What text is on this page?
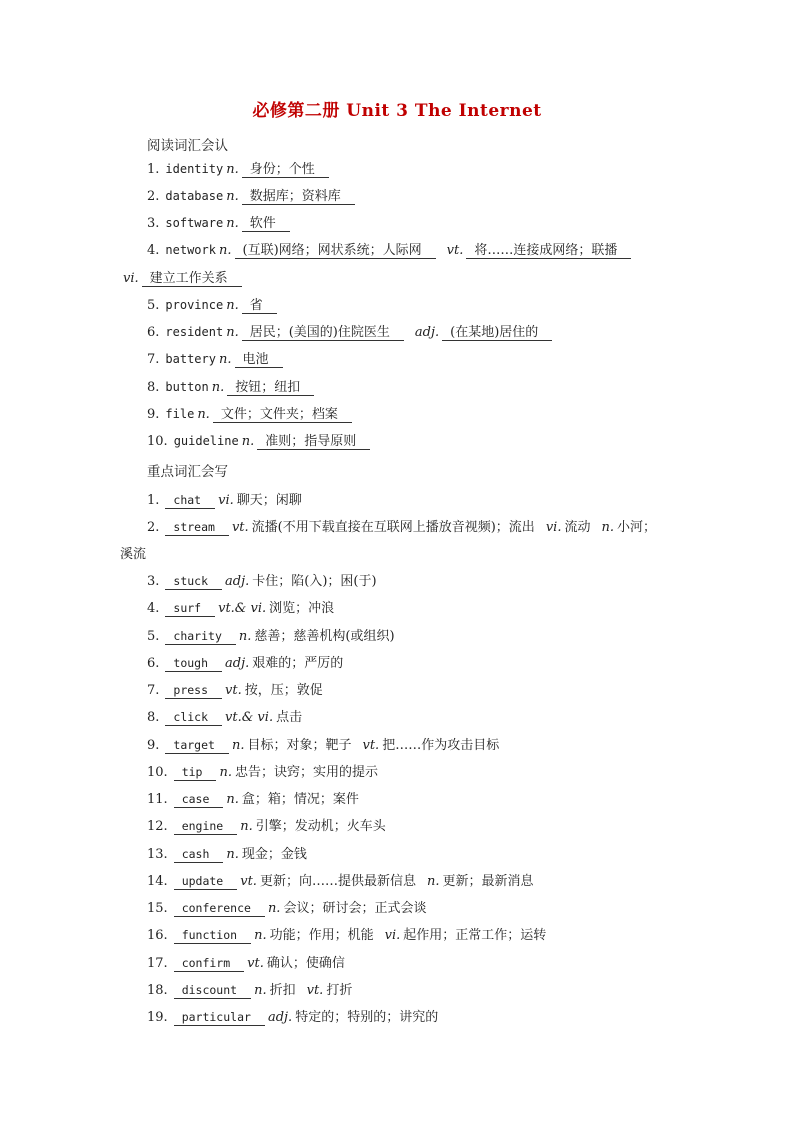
必修第二册 Unit 3 The Internet
阅读词汇会认
1. identity n. 身份；个性
2. database n. 数据库；资料库
3. software n. 软件
4. network n. (互联)网络；网状系统；人际网 vt. 将……连接成网络；联播
vi. 建立工作关系
5. province n. 省
6. resident n. 居民；(美国的)住院医生 adj. (在某地)居住的
7. battery n. 电池
8. button n. 按钮；纽扣
9. file n. 文件；文件夹；档案
10. guideline n. 准则；指导原则
重点词汇会写
1. chat vi. 聊天；闲聊
2. stream vt. 流播(不用下载直接在互联网上播放音视频)；流出 vi. 流动 n. 小河；
溪流
3. stuck adj. 卡住；陷(入)；困(于)
4. surf vt.& vi. 浏览；冲浪
5. charity n. 慈善；慈善机构(或组织)
6. tough adj. 艰难的；严厉的
7. press vt. 按，压；敦促
8. click vt.& vi. 点击
9. target n. 目标；对象；靶子 vt. 把……作为攻击目标
10. tip n. 忠告；诀窍；实用的提示
11. case n. 盒；箱；情况；案件
12. engine n. 引擎；发动机；火车头
13. cash n. 现金；金钱
14. update vt. 更新；向……提供最新信息 n. 更新；最新消息
15. conference n. 会议；研讨会；正式会谈
16. function n. 功能；作用；机能 vi. 起作用；正常工作；运转
17. confirm vt. 确认；使确信
18. discount n. 折扣 vt. 打折
19. particular adj. 特定的；特别的；讲究的
